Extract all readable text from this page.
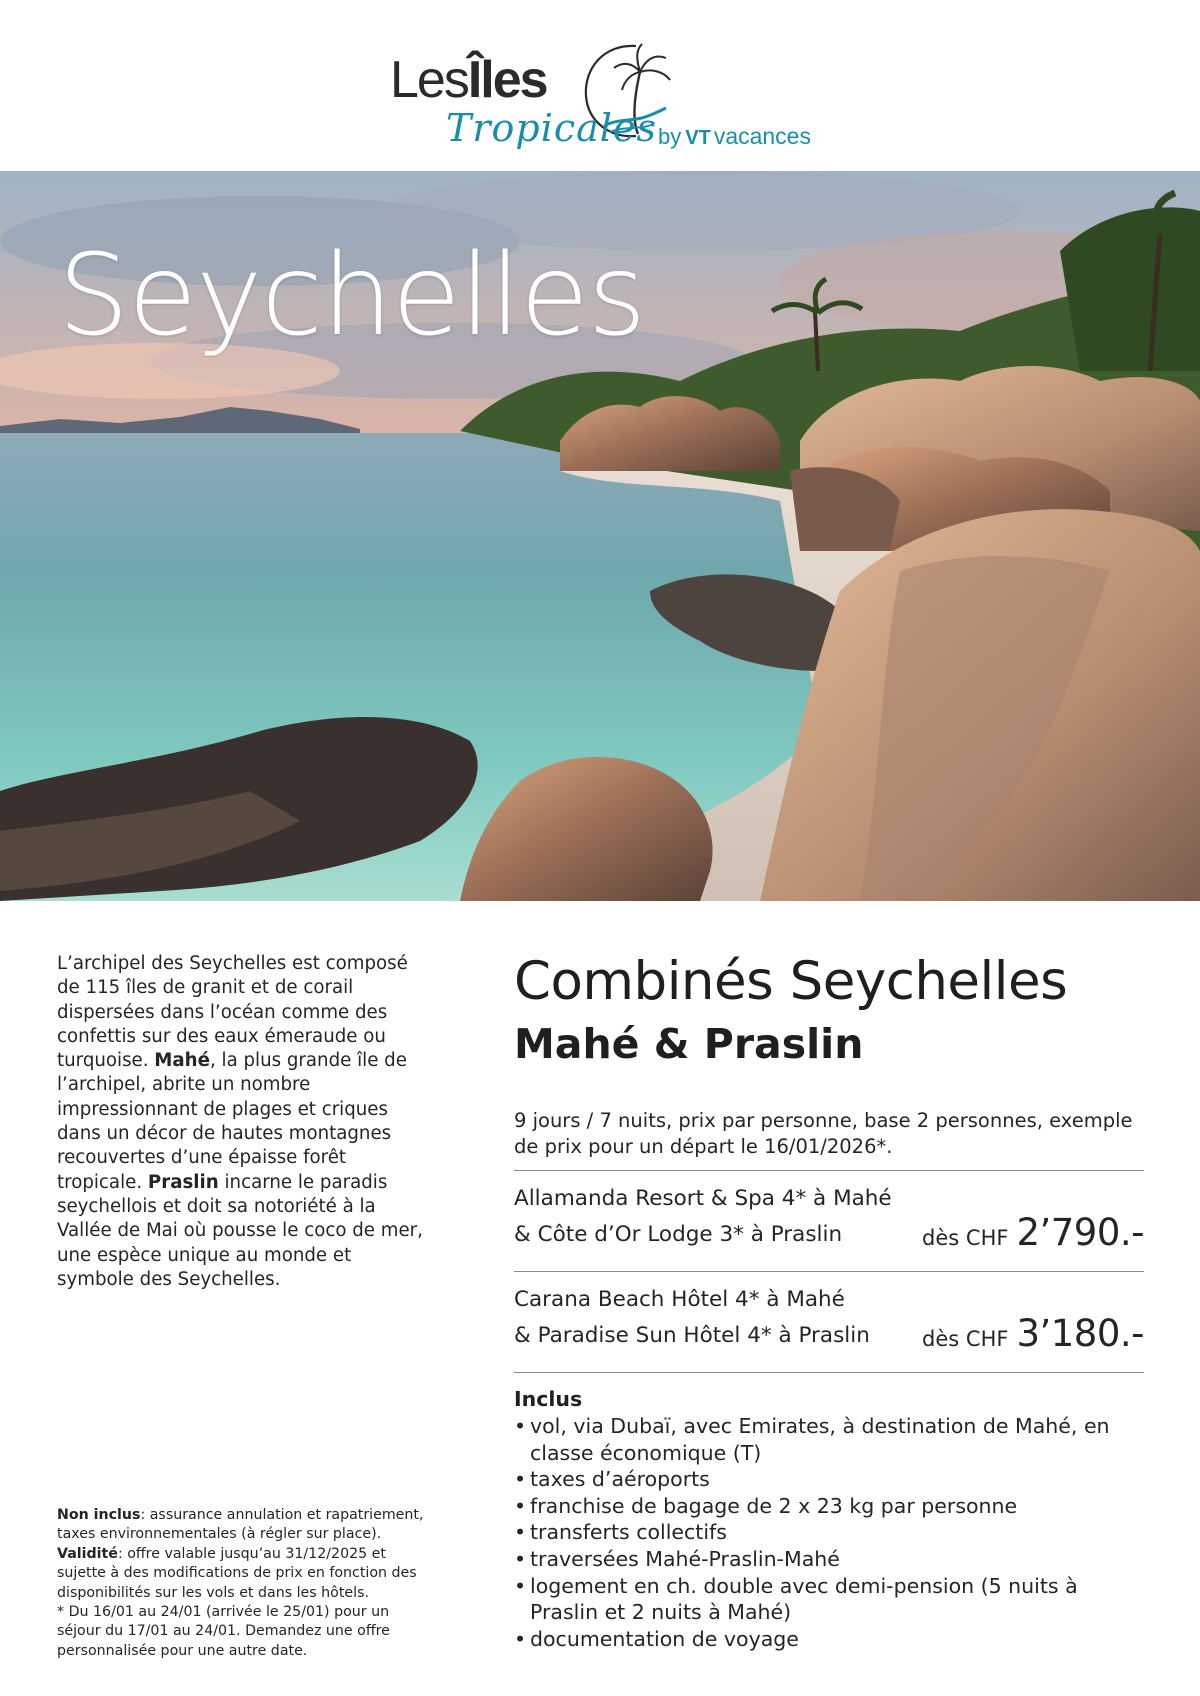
LesÎles
Tropicales by VT vacances
Seychelles

L’archipel des Seychelles est composé de 115 îles de granit et de corail dispersées dans l’océan comme des confettis sur des eaux émeraude ou turquoise. Mahé, la plus grande île de l’archipel, abrite un nombre impressionnant de plages et criques dans un décor de hautes montagnes recouvertes d’une épaisse forêt tropicale. Praslin incarne le paradis seychellois et doit sa notoriété à la Vallée de Mai où pousse le coco de mer, une espèce unique au monde et symbole des Seychelles.

Non inclus: assurance annulation et rapatriement, taxes environnementales (à régler sur place).

Validité: offre valable jusqu’au 31/12/2025 et sujette à des modifications de prix en fonction des disponibilités sur les vols et dans les hôtels.

* Du 16/01 au 24/01 (arrivée le 25/01) pour un séjour du 17/01 au 24/01. Demandez une offre personnalisée pour une autre date.

Combinés Seychelles
Mahé & Praslin

9 jours / 7 nuits, prix par personne, base 2 personnes, exemple de prix pour un départ le 16/01/2026*.

Allamanda Resort & Spa 4* à Mahé
& Côte d’Or Lodge 3* à Praslin	dès CHF 2’790.-
Carana Beach Hôtel 4* à Mahé
& Paradise Sun Hôtel 4* à Praslin dès CHF 3’180.-
Inclus
• vol, via Dubaï, avec Emirates, à destination de Mahé, en classe économique (T)
• taxes d’aéroports
• franchise de bagage de 2 x 23 kg par personne
• transferts collectifs
• traversées Mahé-Praslin-Mahé
• logement en ch. double avec demi-pension (5 nuits à Praslin et 2 nuits à Mahé)
• documentation de voyage
